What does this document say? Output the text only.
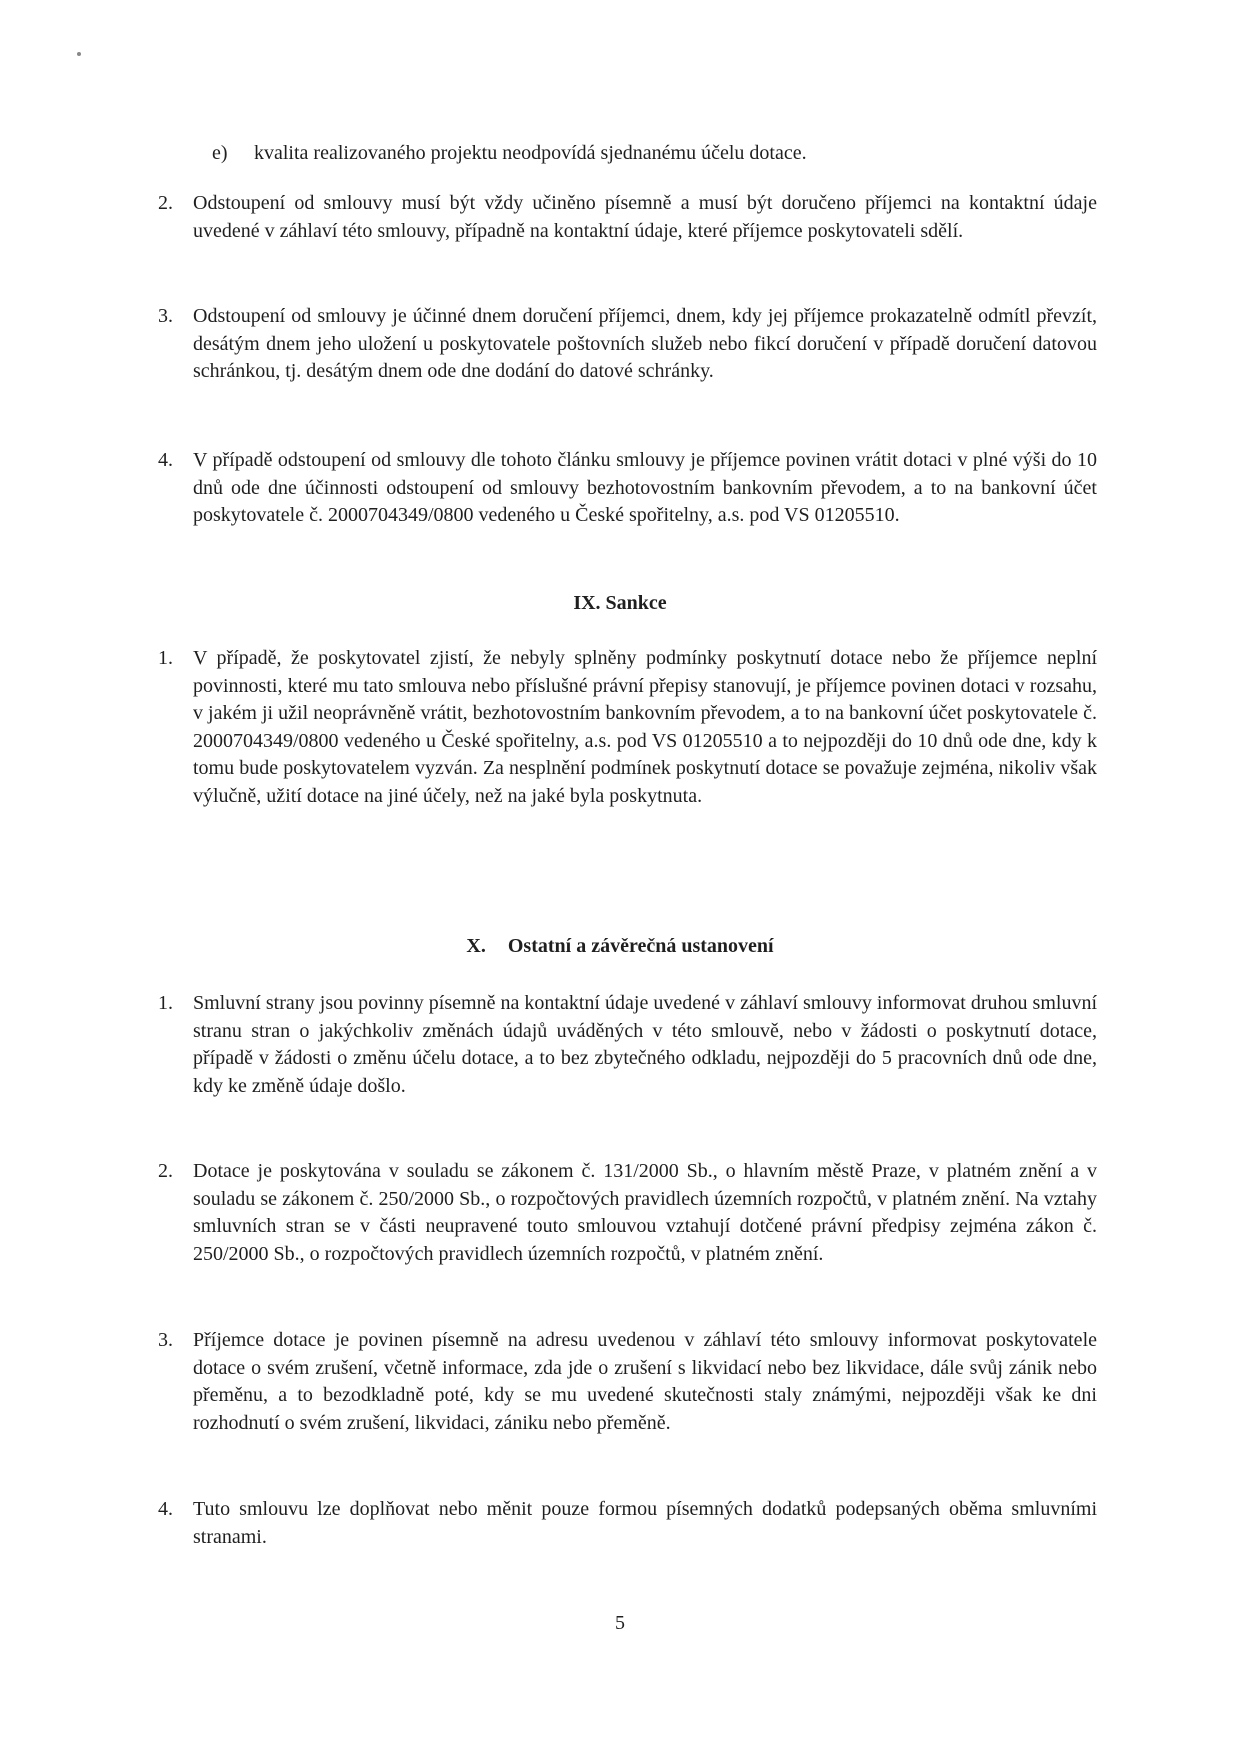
e) kvalita realizovaného projektu neodpovídá sjednanému účelu dotace.
2. Odstoupení od smlouvy musí být vždy učiněno písemně a musí být doručeno příjemci na kontaktní údaje uvedené v záhlaví této smlouvy, případně na kontaktní údaje, které příjemce poskytovateli sdělí.
3. Odstoupení od smlouvy je účinné dnem doručení příjemci, dnem, kdy jej příjemce prokazatelně odmítl převzít, desátým dnem jeho uložení u poskytovatele poštovních služeb nebo fikcí doručení v případě doručení datovou schránkou, tj. desátým dnem ode dne dodání do datové schránky.
4. V případě odstoupení od smlouvy dle tohoto článku smlouvy je příjemce povinen vrátit dotaci v plné výši do 10 dnů ode dne účinnosti odstoupení od smlouvy bezhotovostním bankovním převodem, a to na bankovní účet poskytovatele č. 2000704349/0800 vedeného u České spořitelny, a.s. pod VS 01205510.
IX. Sankce
1. V případě, že poskytovatel zjistí, že nebyly splněny podmínky poskytnutí dotace nebo že příjemce neplní povinnosti, které mu tato smlouva nebo příslušné právní přepisy stanovují, je příjemce povinen dotaci v rozsahu, v jakém ji užil neoprávněně vrátit, bezhotovostním bankovním převodem, a to na bankovní účet poskytovatele č. 2000704349/0800 vedeného u České spořitelny, a.s. pod VS 01205510 a to nejpozději do 10 dnů ode dne, kdy k tomu bude poskytovatelem vyzván. Za nesplnění podmínek poskytnutí dotace se považuje zejména, nikoliv však výlučně, užití dotace na jiné účely, než na jaké byla poskytnuta.
X. Ostatní a závěrečná ustanovení
1. Smluvní strany jsou povinny písemně na kontaktní údaje uvedené v záhlaví smlouvy informovat druhou smluvní stranu stran o jakýchkoliv změnách údajů uváděných v této smlouvě, nebo v žádosti o poskytnutí dotace, případě v žádosti o změnu účelu dotace, a to bez zbytečného odkladu, nejpozději do 5 pracovních dnů ode dne, kdy ke změně údaje došlo.
2. Dotace je poskytována v souladu se zákonem č. 131/2000 Sb., o hlavním městě Praze, v platném znění a v souladu se zákonem č. 250/2000 Sb., o rozpočtových pravidlech územních rozpočtů, v platném znění. Na vztahy smluvních stran se v části neupravené touto smlouvou vztahují dotčené právní předpisy zejména zákon č. 250/2000 Sb., o rozpočtových pravidlech územních rozpočtů, v platném znění.
3. Příjemce dotace je povinen písemně na adresu uvedenou v záhlaví této smlouvy informovat poskytovatele dotace o svém zrušení, včetně informace, zda jde o zrušení s likvidací nebo bez likvidace, dále svůj zánik nebo přeměnu, a to bezodkladně poté, kdy se mu uvedené skutečnosti staly známými, nejpozději však ke dni rozhodnutí o svém zrušení, likvidaci, zániku nebo přeměně.
4. Tuto smlouvu lze doplňovat nebo měnit pouze formou písemných dodatků podepsaných oběma smluvními stranami.
5
